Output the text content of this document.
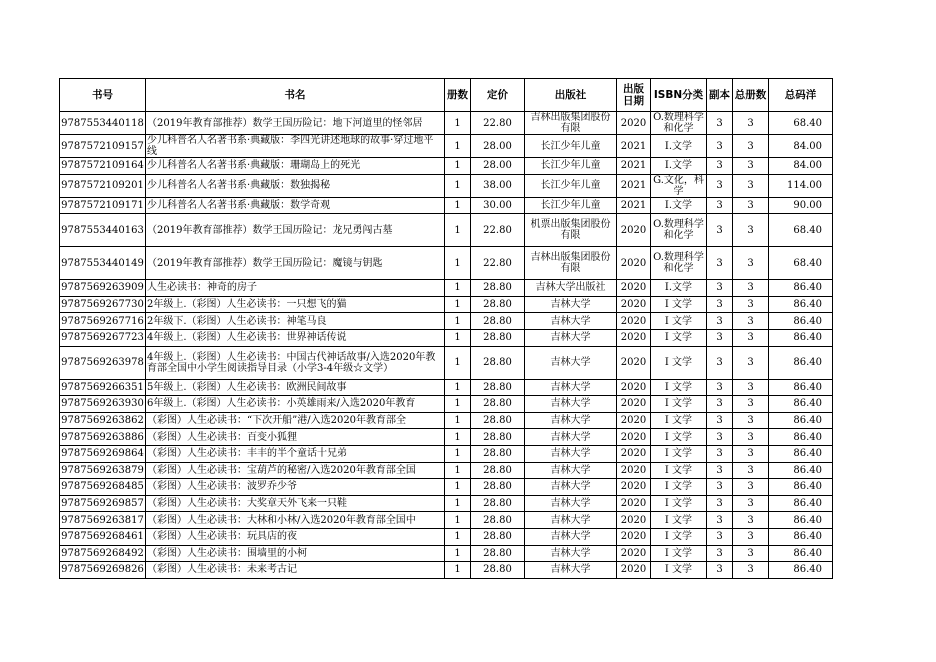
书号	书名	册数	定价	出版社	出版日期	ISBN分类	副本	总册数	总码洋
9787553440118	（2019年教育部推荐）数学王国历险记：地下河道里的怪邻居	1	22.80	吉林出版集团股份有限	2020	O.数理科学和化学	3	3	68.40
9787572109157	少儿科普名人名著书系·典藏版：李四光讲述地球的故事·穿过地平线	1	28.00	长江少年儿童	2021	I.文学	3	3	84.00
9787572109164	少儿科普名人名著书系·典藏版：珊瑚岛上的死光	1	28.00	长江少年儿童	2021	I.文学	3	3	84.00
9787572109201	少儿科普名人名著书系·典藏版：数独揭秘	1	38.00	长江少年儿童	2021	G.文化，科学	3	3	114.00
9787572109171	少儿科普名人名著书系·典藏版：数学奇观	1	30.00	长江少年儿童	2021	I.文学	3	3	90.00
9787553440163	（2019年教育部推荐）数学王国历险记：龙兄勇闯古墓	1	22.80	机票出版集团股份有限	2020	O.数理科学和化学	3	3	68.40
9787553440149	（2019年教育部推荐）数学王国历险记：魔镜与钥匙	1	22.80	吉林出版集团股份有限	2020	O.数理科学和化学	3	3	68.40
9787569263909	人生必读书：神奇的房子	1	28.80	吉林大学出版社	2020	I.文学	3	3	86.40
9787569267730	2年级上.（彩图）人生必读书：一只想飞的猫	1	28.80	吉林大学	2020	I 文学	3	3	86.40
9787569267716	2年级下.（彩图）人生必读书：神笔马良	1	28.80	吉林大学	2020	I 文学	3	3	86.40
9787569267723	4年级上.（彩图）人生必读书：世界神话传说	1	28.80	吉林大学	2020	I 文学	3	3	86.40
9787569263978	4年级上.（彩图）人生必读书：中国古代神话故事/入选2020年教育部全国中小学生阅读指导目录（小学3-4年级☆文学）	1	28.80	吉林大学	2020	I 文学	3	3	86.40
9787569266351	5年级上.（彩图）人生必读书：欧洲民间故事	1	28.80	吉林大学	2020	I 文学	3	3	86.40
9787569263930	6年级上.（彩图）人生必读书：小英雄雨来/入选2020年教育	1	28.80	吉林大学	2020	I 文学	3	3	86.40
9787569263862	（彩图）人生必读书：“下次开船”港/入选2020年教育部全	1	28.80	吉林大学	2020	I 文学	3	3	86.40
9787569263886	（彩图）人生必读书：百变小狐狸	1	28.80	吉林大学	2020	I 文学	3	3	86.40
9787569269864	（彩图）人生必读书：丰丰的半个童话十兄弟	1	28.80	吉林大学	2020	I 文学	3	3	86.40
9787569263879	（彩图）人生必读书：宝葫芦的秘密/入选2020年教育部全国	1	28.80	吉林大学	2020	I 文学	3	3	86.40
9787569268485	（彩图）人生必读书：波罗乔少爷	1	28.80	吉林大学	2020	I 文学	3	3	86.40
9787569269857	（彩图）人生必读书：大奖章天外飞来一只鞋	1	28.80	吉林大学	2020	I 文学	3	3	86.40
9787569263817	（彩图）人生必读书：大林和小林/入选2020年教育部全国中	1	28.80	吉林大学	2020	I 文学	3	3	86.40
9787569268461	（彩图）人生必读书：玩具店的夜	1	28.80	吉林大学	2020	I 文学	3	3	86.40
9787569268492	（彩图）人生必读书：围墙里的小柯	1	28.80	吉林大学	2020	I 文学	3	3	86.40
9787569269826	（彩图）人生必读书：未来考古记	1	28.80	吉林大学	2020	I 文学	3	3	86.40
